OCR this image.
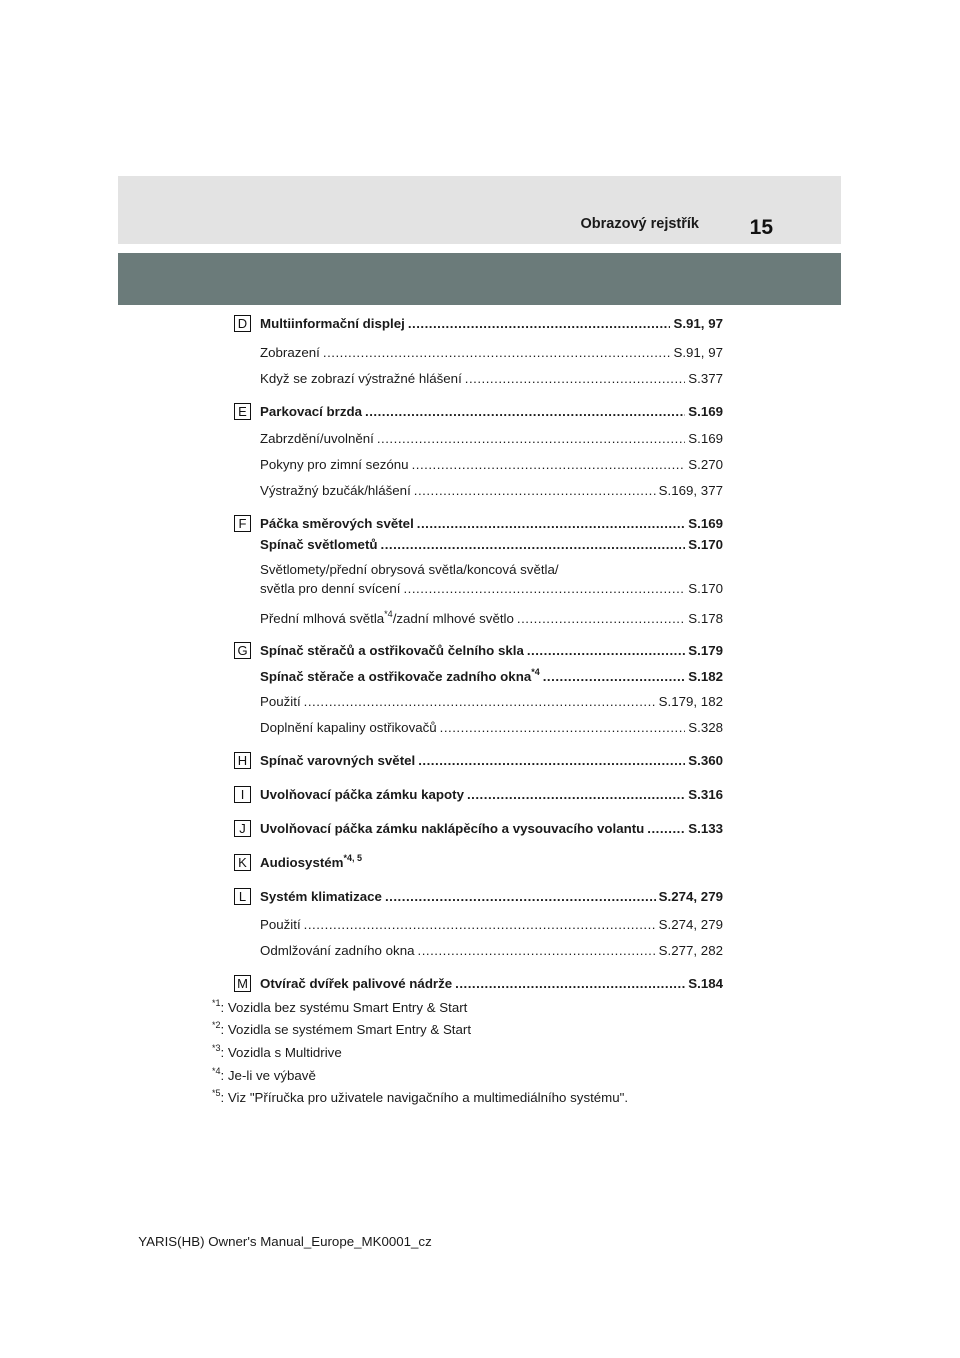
Obrazový rejstřík 15
D Multiinformační displej .....	S.91, 97
Zobrazení .....	S.91, 97
Když se zobrazí výstražné hlášení .....	S.377
E Parkovací brzda .....	S.169
Zabrzdění/uvolnění .....	S.169
Pokyny pro zimní sezónu .....	S.270
Výstražný bzučák/hlášení .....	S.169, 377
F	Páčka směrových světel .....	S.169
Spínač světlometů .....	S.170
Světlomety/přední obrysová světla/koncová světla/
světla pro denní svícení .....	S.170
Přední mlhová světla$^{*4}$/zadní mlhové světlo .....	S.178
G Spínač stěračů a ostřikovačů čelního skla .....	S.179
Spínač stěrače a ostřikovače zadního okna$^{*4}$ .....	S.182
Použití .....	S.179, 182
Doplnění kapaliny ostřikovačů .....	S.328
H Spínač varovných světel .....	S.360
I	Uvolňovací páčka zámku kapoty .....	S.316
J	Uvolňovací páčka zámku naklápěcího a vysouvacího volantu .....	S.133
K Audiosystém$^{*4, 5}$
L	Systém klimatizace .....	S.274, 279
Použití .....	S.274, 279
Odmlžování zadního okna .....	S.277, 282
M Otvírač dvířek palivové nádrže .....	S.184
$^{*1}$: Vozidla bez systému Smart Entry & Start
$^{*2}$: Vozidla se systémem Smart Entry & Start
$^{*3}$: Vozidla s Multidrive
$^{*4}$: Je-li ve výbavě
$^{*5}$: Viz "Příručka pro uživatele navigačního a multimediálního systému".
YARIS(HB) Owner's Manual_Europe_MK0001_cz
